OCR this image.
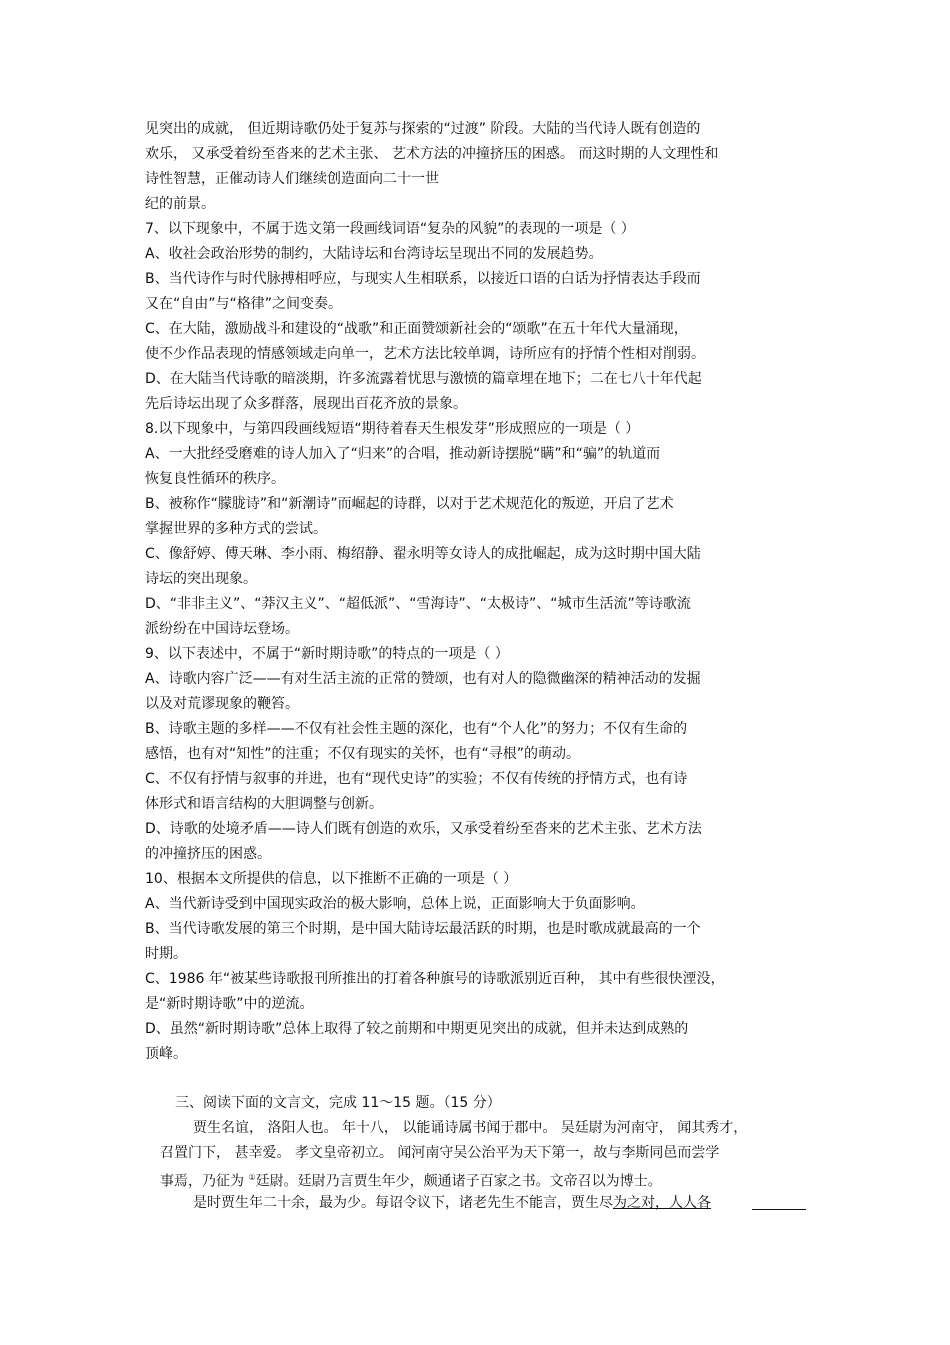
见突出的成就， 但近期诗歌仍处于复苏与探索的“过渡” 阶段。大陆的当代诗人既有创造的
欢乐， 又承受着纷至沓来的艺术主张、 艺术方法的冲撞挤压的困惑。 而这时期的人文理性和
诗性智慧，正催动诗人们继续创造面向二十一世
纪的前景。
7、以下现象中，不属于选文第一段画线词语“复杂的风貌”的表现的一项是（ ）
A、收社会政治形势的制约，大陆诗坛和台湾诗坛呈现出不同的发展趋势。
B、当代诗作与时代脉搏相呼应，与现实人生相联系，以接近口语的白话为抒情表达手段而
又在“自由”与“格律”之间变奏。
C、在大陆，激励战斗和建设的“战歌”和正面赞颂新社会的“颂歌”在五十年代大量涌现，
使不少作品表现的情感领域走向单一，艺术方法比较单调，诗所应有的抒情个性相对削弱。
D、在大陆当代诗歌的暗淡期，许多流露着忧思与激愤的篇章埋在地下；二在七八十年代起
先后诗坛出现了众多群落，展现出百花齐放的景象。
8.以下现象中，与第四段画线短语“期待着春天生根发芽”形成照应的一项是（ ）
A、一大批经受磨难的诗人加入了“归来”的合唱，推动新诗摆脱“瞒”和“骗”的轨道而
恢复良性循环的秩序。
B、被称作“朦胧诗”和“新潮诗”而崛起的诗群，以对于艺术规范化的叛逆，开启了艺术
掌握世界的多种方式的尝试。
C、像舒婷、傅天琳、李小雨、梅绍静、翟永明等女诗人的成批崛起，成为这时期中国大陆
诗坛的突出现象。
D、“非非主义”、“莽汉主义”、“超低派”、“雪海诗”、“太极诗”、“城市生活流”等诗歌流
派纷纷在中国诗坛登场。
9、以下表述中，不属于“新时期诗歌”的特点的一项是（ ）
A、诗歌内容广泛——有对生活主流的正常的赞颂，也有对人的隐微幽深的精神活动的发掘
以及对荒谬现象的鞭笞。
B、诗歌主题的多样——不仅有社会性主题的深化，也有“个人化”的努力；不仅有生命的
感悟，也有对“知性”的注重；不仅有现实的关怀，也有“寻根”的萌动。
C、不仅有抒情与叙事的并进，也有“现代史诗”的实验；不仅有传统的抒情方式，也有诗
体形式和语言结构的大胆调整与创新。
D、诗歌的处境矛盾——诗人们既有创造的欢乐，又承受着纷至沓来的艺术主张、艺术方法
的冲撞挤压的困惑。
10、根据本文所提供的信息，以下推断不正确的一项是（ ）
A、当代新诗受到中国现实政治的极大影响，总体上说，正面影响大于负面影响。
B、当代诗歌发展的第三个时期，是中国大陆诗坛最活跃的时期，也是时歌成就最高的一个
时期。
C、1986 年“被某些诗歌报刊所推出的打着各种旗号的诗歌派别近百种， 其中有些很快湮没，
是“新时期诗歌”中的逆流。
D、虽然“新时期诗歌”总体上取得了较之前期和中期更见突出的成就，但并未达到成熟的
顶峰。
三、阅读下面的文言文，完成 11～15 题。（15 分）
贾生名谊， 洛阳人也。 年十八， 以能诵诗属书闻于郡中。 吴廷尉为河南守， 闻其秀才，
召置门下， 甚幸爱。 孝文皇帝初立。 闻河南守吴公治平为天下第一，故与李斯同邑而尝学
事焉，乃征为 ①廷尉。廷尉乃言贾生年少，颇通诸子百家之书。文帝召以为博士。
是时贾生年二十余，最为少。每诏令议下，诸老先生不能言，贾生尽为之对，人人各
